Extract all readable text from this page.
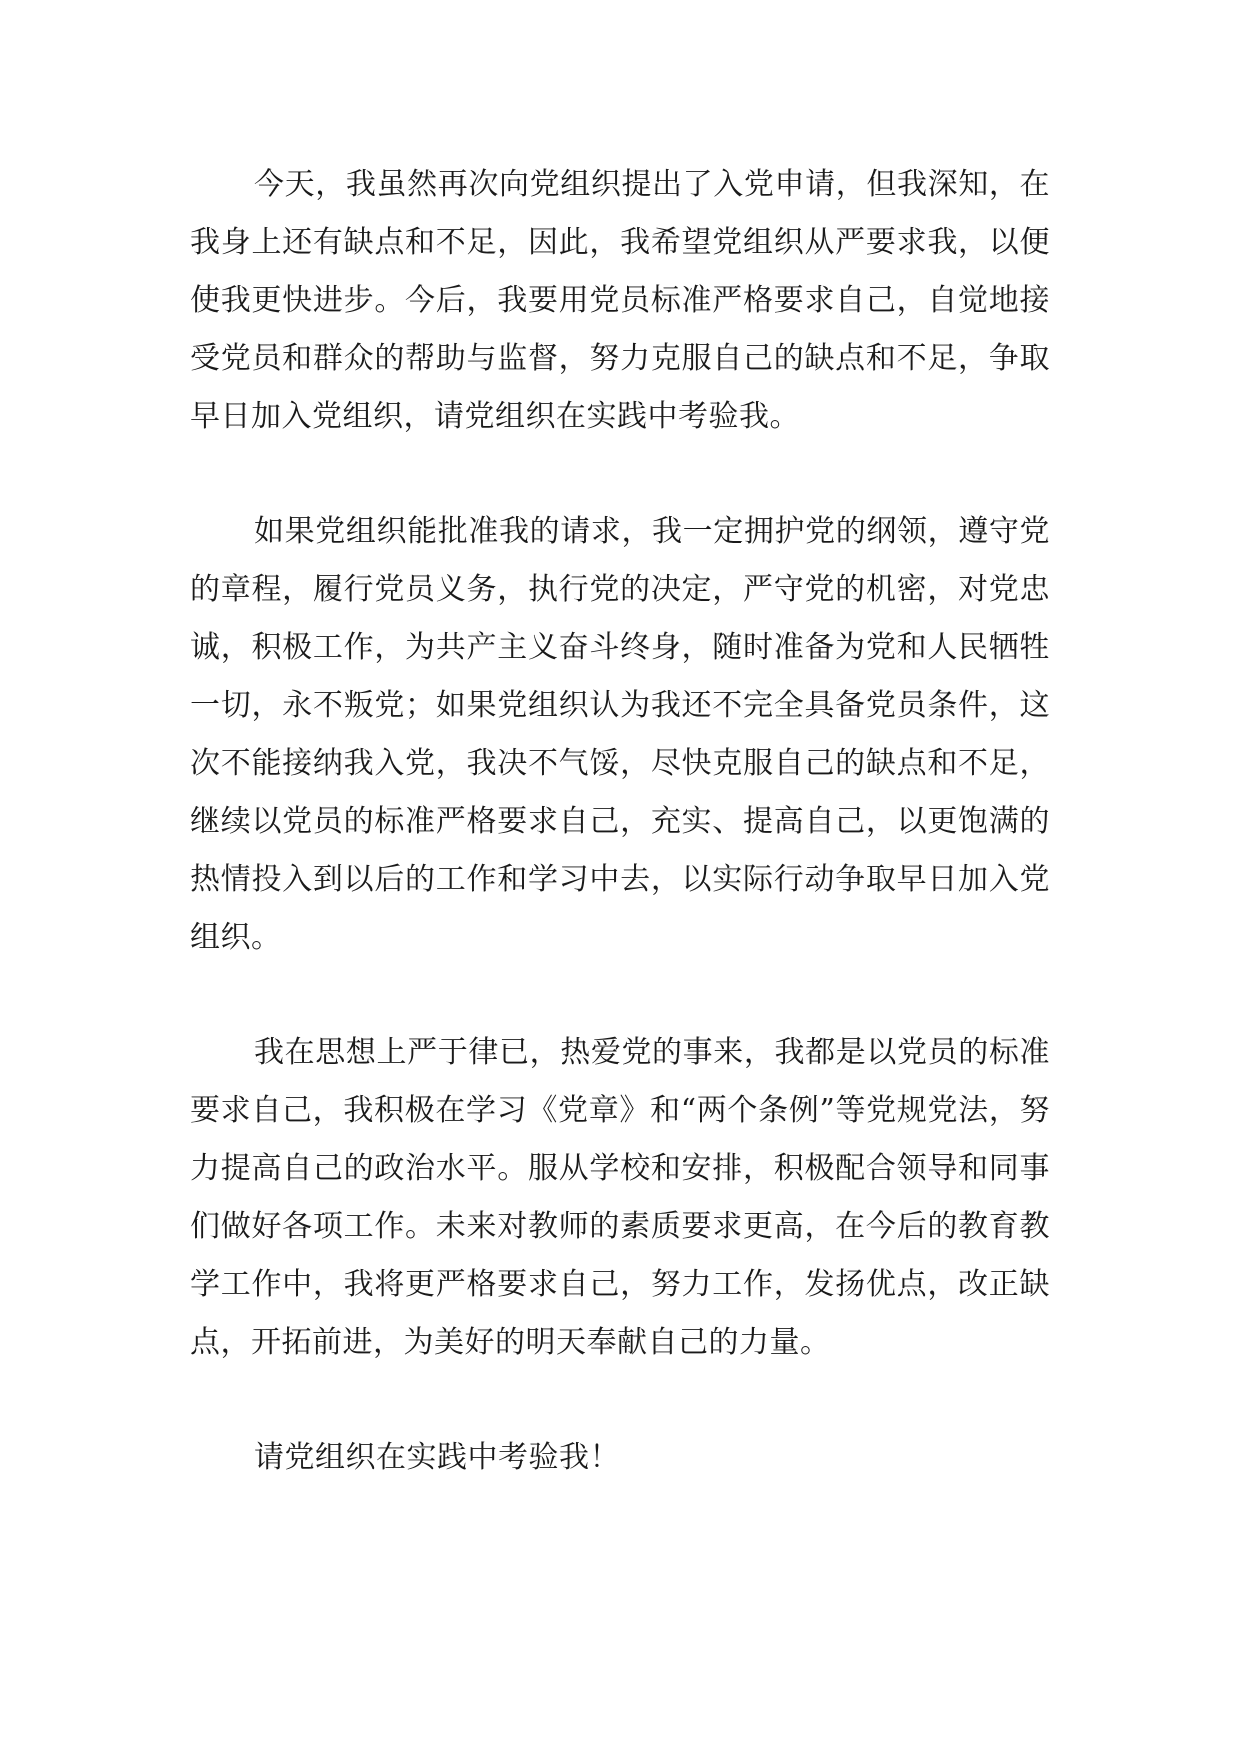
今天，我虽然再次向党组织提出了入党申请，但我深知，在我身上还有缺点和不足，因此，我希望党组织从严要求我，以便使我更快进步。今后，我要用党员标准严格要求自己，自觉地接受党员和群众的帮助与监督，努力克服自己的缺点和不足，争取早日加入党组织，请党组织在实践中考验我。

如果党组织能批准我的请求，我一定拥护党的纲领，遵守党的章程，履行党员义务，执行党的决定，严守党的机密，对党忠诚，积极工作，为共产主义奋斗终身，随时准备为党和人民牺牲一切，永不叛党；如果党组织认为我还不完全具备党员条件，这次不能接纳我入党，我决不气馁，尽快克服自己的缺点和不足，继续以党员的标准严格要求自己，充实、提高自己，以更饱满的热情投入到以后的工作和学习中去，以实际行动争取早日加入党组织。

我在思想上严于律已，热爱党的事来，我都是以党员的标准要求自己，我积极在学习《党章》和“两个条例”等党规党法，努力提高自己的政治水平。服从学校和安排，积极配合领导和同事们做好各项工作。未来对教师的素质要求更高，在今后的教育教学工作中，我将更严格要求自己，努力工作，发扬优点，改正缺点，开拓前进，为美好的明天奉献自己的力量。

请党组织在实践中考验我！
